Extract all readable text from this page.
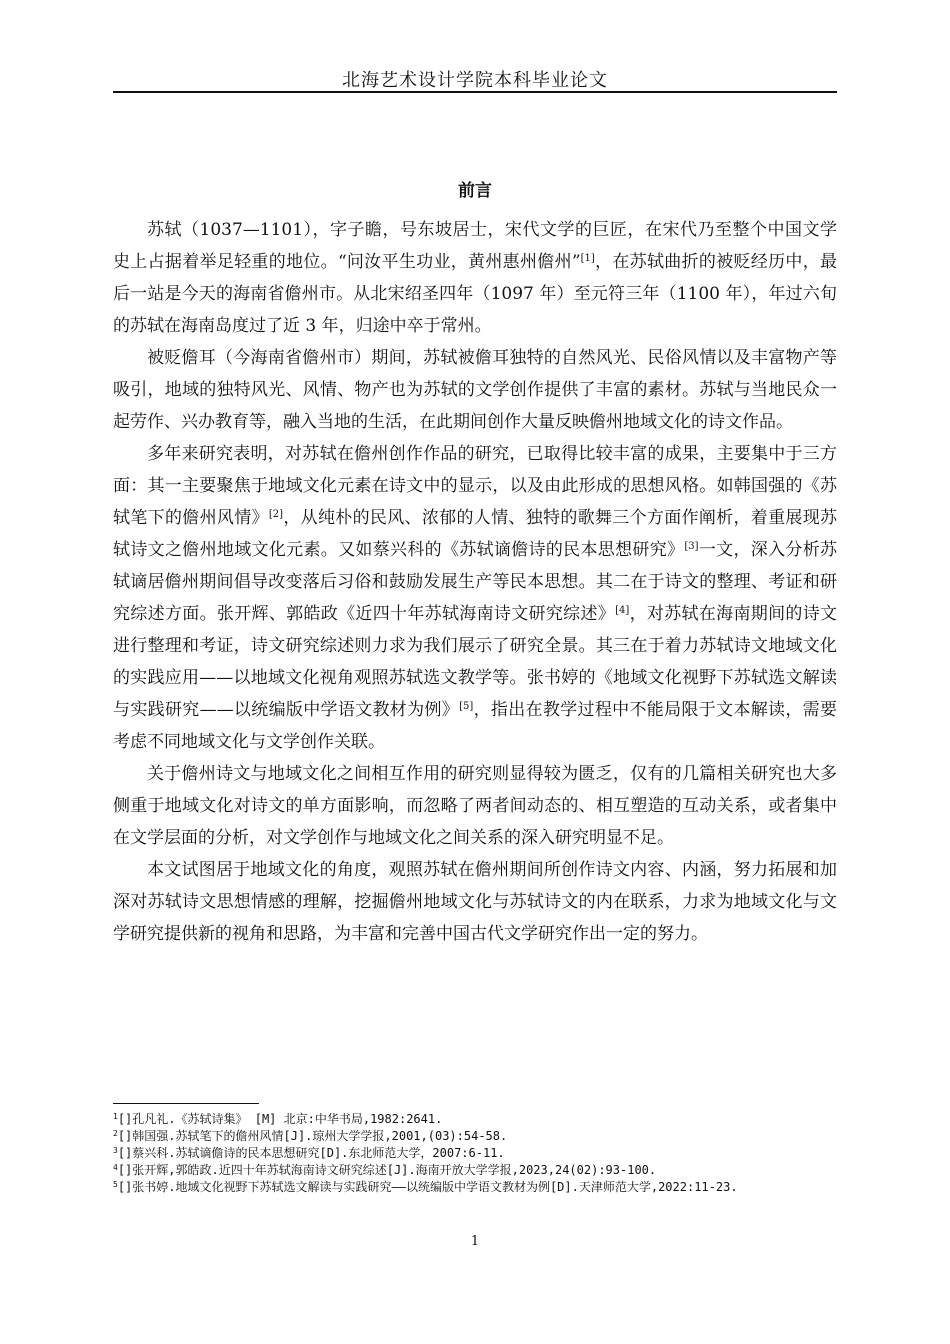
北海艺术设计学院本科毕业论文
前言

苏轼（1037—1101），字子瞻，号东坡居士，宋代文学的巨匠，在宋代乃至整个中国文学史上占据着举足轻重的地位。“问汝平生功业，黄州惠州儋州”[1]，在苏轼曲折的被贬经历中，最后一站是今天的海南省儋州市。从北宋绍圣四年（1097 年）至元符三年（1100 年），年过六旬的苏轼在海南岛度过了近 3 年，归途中卒于常州。

被贬儋耳（今海南省儋州市）期间，苏轼被儋耳独特的自然风光、民俗风情以及丰富物产等吸引，地域的独特风光、风情、物产也为苏轼的文学创作提供了丰富的素材。苏轼与当地民众一起劳作、兴办教育等，融入当地的生活，在此期间创作大量反映儋州地域文化的诗文作品。

多年来研究表明，对苏轼在儋州创作作品的研究，已取得比较丰富的成果，主要集中于三方面：其一主要聚焦于地域文化元素在诗文中的显示，以及由此形成的思想风格。如韩国强的《苏轼笔下的儋州风情》[2]，从纯朴的民风、浓郁的人情、独特的歌舞三个方面作阐析，着重展现苏轼诗文之儋州地域文化元素。又如蔡兴科的《苏轼谪儋诗的民本思想研究》[3]一文，深入分析苏轼谪居儋州期间倡导改变落后习俗和鼓励发展生产等民本思想。其二在于诗文的整理、考证和研究综述方面。张开辉、郭皓政《近四十年苏轼海南诗文研究综述》[4]，对苏轼在海南期间的诗文进行整理和考证，诗文研究综述则力求为我们展示了研究全景。其三在于着力苏轼诗文地域文化的实践应用——以地域文化视角观照苏轼选文教学等。张书婷的《地域文化视野下苏轼选文解读与实践研究——以统编版中学语文教材为例》[5]，指出在教学过程中不能局限于文本解读，需要考虑不同地域文化与文学创作关联。

关于儋州诗文与地域文化之间相互作用的研究则显得较为匮乏，仅有的几篇相关研究也大多侧重于地域文化对诗文的单方面影响，而忽略了两者间动态的、相互塑造的互动关系，或者集中在文学层面的分析，对文学创作与地域文化之间关系的深入研究明显不足。

本文试图居于地域文化的角度，观照苏轼在儋州期间所创作诗文内容、内涵，努力拓展和加深对苏轼诗文思想情感的理解，挖掘儋州地域文化与苏轼诗文的内在联系，力求为地域文化与文学研究提供新的视角和思路，为丰富和完善中国古代文学研究作出一定的努力。

$^1$[]孔凡礼.《苏轼诗集》 [M] 北京:中华书局,1982:2641.
$^2$[]韩国强.苏轼笔下的儋州风情[J].琼州大学学报,2001,(03):54-58.
$^3$[]蔡兴科.苏轼谪儋诗的民本思想研究[D].东北师范大学，2007:6-11.
$^4$[]张开辉,郭皓政.近四十年苏轼海南诗文研究综述[J].海南开放大学学报,2023,24(02):93-100.
$^5$[]张书婷.地域文化视野下苏轼选文解读与实践研究——以统编版中学语文教材为例[D].天津师范大学,2022:11-23.
1
